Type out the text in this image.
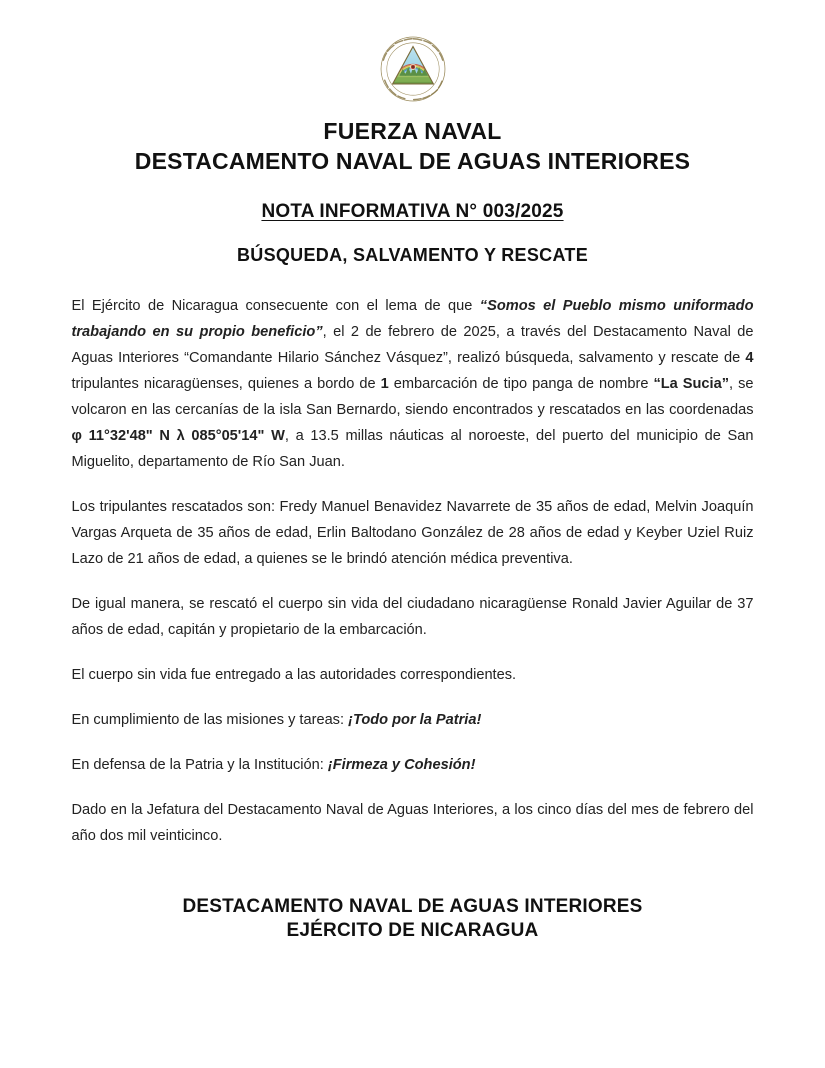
FUERZA NAVAL
DESTACAMENTO NAVAL DE AGUAS INTERIORES
NOTA INFORMATIVA N° 003/2025
BÚSQUEDA, SALVAMENTO Y RESCATE

El Ejército de Nicaragua consecuente con el lema de que “Somos el Pueblo mismo uniformado trabajando en su propio beneficio”, el 2 de febrero de 2025, a través del Destacamento Naval de Aguas Interiores “Comandante Hilario Sánchez Vásquez”, realizó búsqueda, salvamento y rescate de 4 tripulantes nicaragüenses, quienes a bordo de 1 embarcación de tipo panga de nombre “La Sucia”, se volcaron en las cercanías de la isla San Bernardo, siendo encontrados y rescatados en las coordenadas φ 11°32'48" N λ 085°05'14" W, a 13.5 millas náuticas al noroeste, del puerto del municipio de San Miguelito, departamento de Río San Juan.

Los tripulantes rescatados son: Fredy Manuel Benavidez Navarrete de 35 años de edad, Melvin Joaquín Vargas Arqueta de 35 años de edad, Erlin Baltodano González de 28 años de edad y Keyber Uziel Ruiz Lazo de 21 años de edad, a quienes se le brindó atención médica preventiva.

De igual manera, se rescató el cuerpo sin vida del ciudadano nicaragüense Ronald Javier Aguilar de 37 años de edad, capitán y propietario de la embarcación.

El cuerpo sin vida fue entregado a las autoridades correspondientes.

En cumplimiento de las misiones y tareas: ¡Todo por la Patria!

En defensa de la Patria y la Institución: ¡Firmeza y Cohesión!

Dado en la Jefatura del Destacamento Naval de Aguas Interiores, a los cinco días del mes de febrero del año dos mil veinticinco.

DESTACAMENTO NAVAL DE AGUAS INTERIORES
EJÉRCITO DE NICARAGUA
